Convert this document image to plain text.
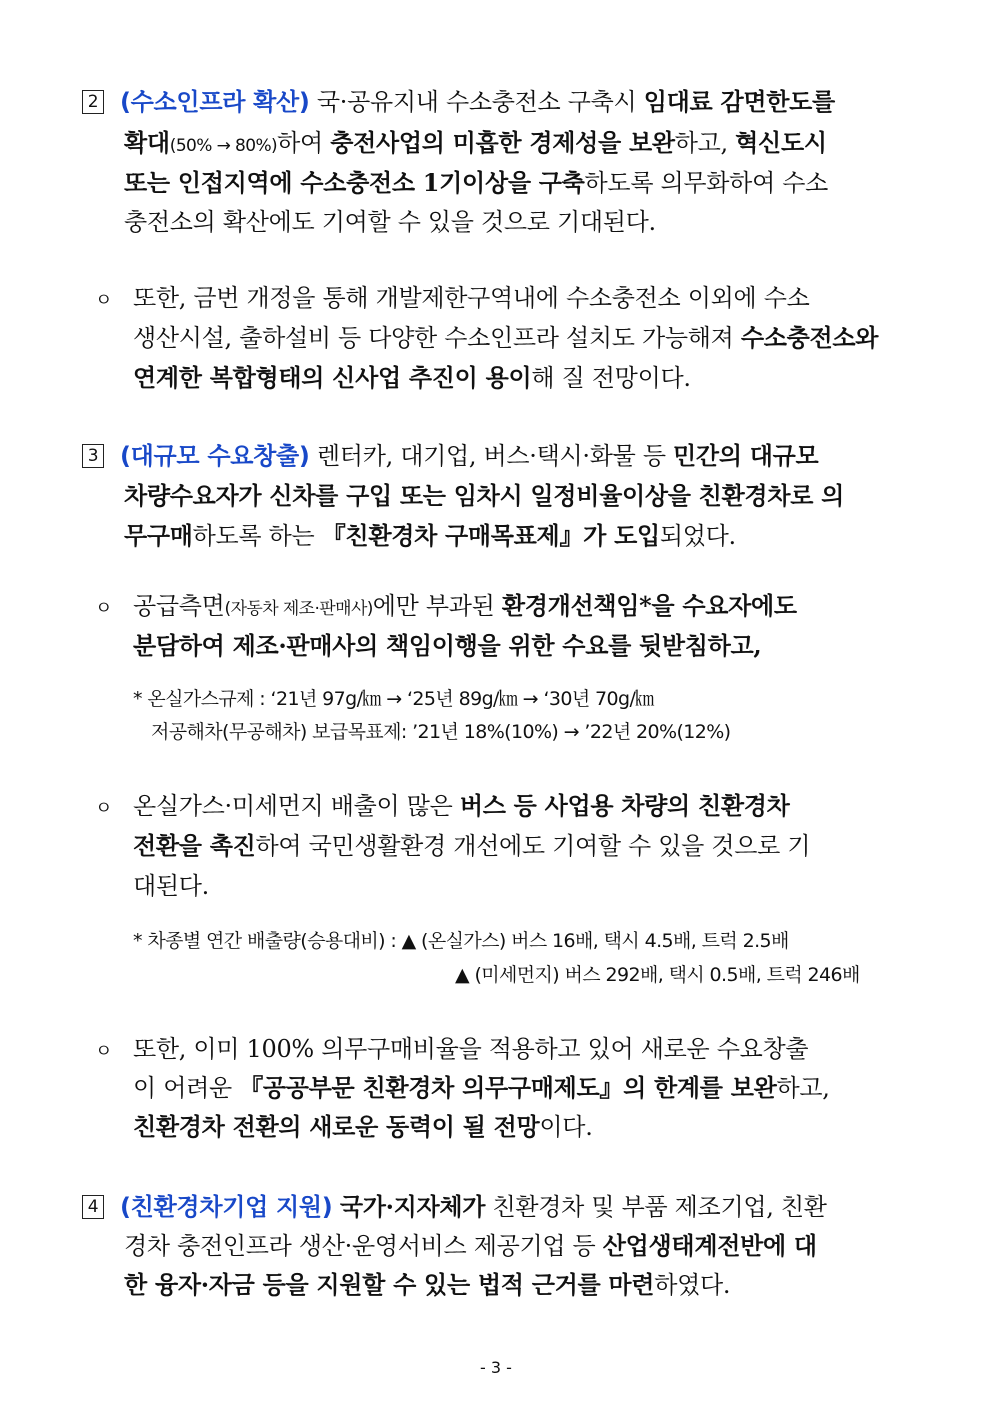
2 (수소인프라 확산) 국·공유지내 수소충전소 구축시 임대료 감면한도를
확대(50% → 80%)하여 충전사업의 미흡한 경제성을 보완하고, 혁신도시
또는 인접지역에 수소충전소 1기이상을 구축하도록 의무화하여 수소
충전소의 확산에도 기여할 수 있을 것으로 기대된다.
ㅇ 또한, 금번 개정을 통해 개발제한구역내에 수소충전소 이외에 수소
생산시설, 출하설비 등 다양한 수소인프라 설치도 가능해져 수소충전소와
연계한 복합형태의 신사업 추진이 용이해 질 전망이다.
3 (대규모 수요창출) 렌터카, 대기업, 버스·택시·화물 등 민간의 대규모
차량수요자가 신차를 구입 또는 임차시 일정비율이상을 친환경차로 의
무구매하도록 하는 『친환경차 구매목표제』가 도입되었다.
ㅇ 공급측면(자동차 제조·판매사)에만 부과된 환경개선책임*을 수요자에도
분담하여 제조·판매사의 책임이행을 위한 수요를 뒷받침하고,
* 온실가스규제 : ‘21년 97g/㎞ → ‘25년 89g/㎞ → ‘30년 70g/㎞
저공해차(무공해차) 보급목표제: ’21년 18%(10%) → ’22년 20%(12%)
ㅇ 온실가스·미세먼지 배출이 많은 버스 등 사업용 차량의 친환경차
전환을 촉진하여 국민생활환경 개선에도 기여할 수 있을 것으로 기
대된다.
* 차종별 연간 배출량(승용대비) : ▲ (온실가스) 버스 16배, 택시 4.5배, 트럭 2.5배
▲ (미세먼지) 버스 292배, 택시 0.5배, 트럭 246배
ㅇ 또한, 이미 100% 의무구매비율을 적용하고 있어 새로운 수요창출
이 어려운 『공공부문 친환경차 의무구매제도』의 한계를 보완하고,
친환경차 전환의 새로운 동력이 될 전망이다.
4 (친환경차기업 지원) 국가·지자체가 친환경차 및 부품 제조기업, 친환
경차 충전인프라 생산·운영서비스 제공기업 등 산업생태계전반에 대
한 융자·자금 등을 지원할 수 있는 법적 근거를 마련하였다.
- 3 -
